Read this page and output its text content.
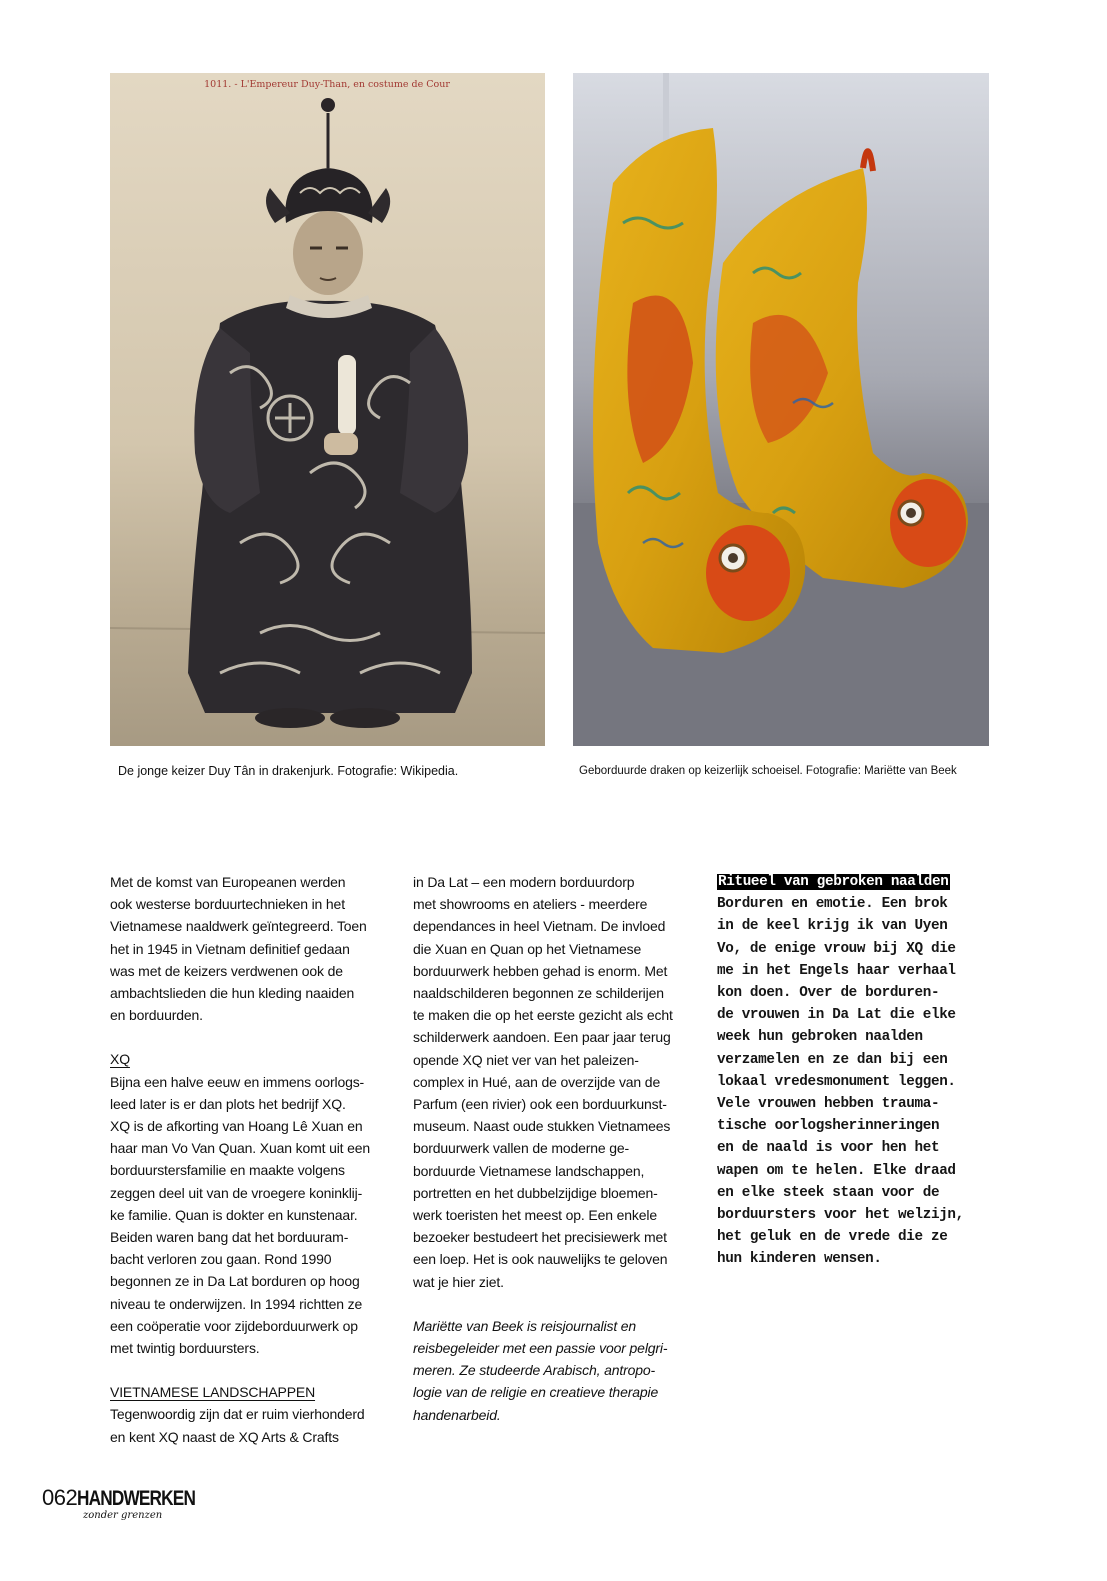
1011. - L'Empereur Duy-Than, en costume de Cour
De jonge keizer Duy Tân in drakenjurk. Fotografie: Wikipedia.	Geborduurde draken op keizerlijk schoeisel. Fotografie: Mariëtte van Beek

Met de komst van Europeanen werden

ook westerse borduurtechnieken in het

Vietnamese naaldwerk geïntegreerd. Toen

het in 1945 in Vietnam definitief gedaan

was met de keizers verdwenen ook de

ambachtslieden die hun kleding naaiden

en borduurden.

XQ

Bijna een halve eeuw en immens oorlogs-

leed later is er dan plots het bedrijf XQ.

XQ is de afkorting van Hoang Lê Xuan en

haar man Vo Van Quan. Xuan komt uit een

borduurstersfamilie en maakte volgens

zeggen deel uit van de vroegere koninklij-

ke familie. Quan is dokter en kunstenaar.

Beiden waren bang dat het borduuram-

bacht verloren zou gaan. Rond 1990

begonnen ze in Da Lat borduren op hoog

niveau te onderwijzen. In 1994 richtten ze

een coöperatie voor zijdeborduurwerk op

met twintig borduursters.

VIETNAMESE LANDSCHAPPEN

Tegenwoordig zijn dat er ruim vierhonderd

en kent XQ naast de XQ Arts & Crafts

in Da Lat – een modern borduurdorp

met showrooms en ateliers - meerdere

dependances in heel Vietnam. De invloed

die Xuan en Quan op het Vietnamese

borduurwerk hebben gehad is enorm. Met

naaldschilderen begonnen ze schilderijen

te maken die op het eerste gezicht als echt

schilderwerk aandoen. Een paar jaar terug

opende XQ niet ver van het paleizen-

complex in Hué, aan de overzijde van de

Parfum (een rivier) ook een borduurkunst-

museum. Naast oude stukken Vietnamees

borduurwerk vallen de moderne ge-

borduurde Vietnamese landschappen,

portretten en het dubbelzijdige bloemen-

werk toeristen het meest op. Een enkele

bezoeker bestudeert het precisiewerk met

een loep. Het is ook nauwelijks te geloven

wat je hier ziet.

Mariëtte van Beek is reisjournalist en

reisbegeleider met een passie voor pelgri-

meren. Ze studeerde Arabisch, antropo-

logie van de religie en creatieve therapie

handenarbeid.

Ritueel van gebroken naalden

Borduren en emotie. Een brok

in de keel krijg ik van Uyen

Vo, de enige vrouw bij XQ die

me in het Engels haar verhaal

kon doen. Over de borduren-

de vrouwen in Da Lat die elke

week hun gebroken naalden

verzamelen en ze dan bij een

lokaal vredesmonument leggen.

Vele vrouwen hebben trauma-

tische oorlogsherinneringen

en de naald is voor hen het

wapen om te helen. Elke draad

en elke steek staan voor de

borduursters voor het welzijn,

het geluk en de vrede die ze

hun kinderen wensen.

062HANDWERKEN
zonder grenzen
